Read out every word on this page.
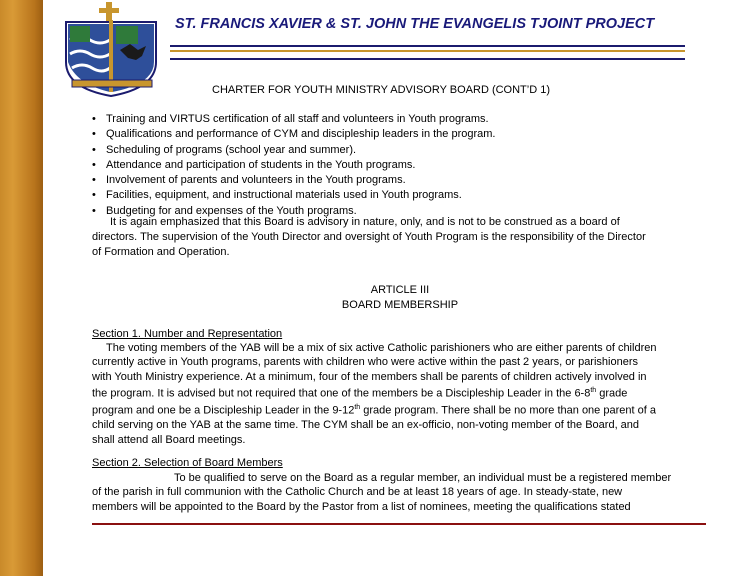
ST. FRANCIS XAVIER & ST. JOHN THE EVANGELIS TJOINT PROJECT
CHARTER FOR YOUTH MINISTRY ADVISORY BOARD (CONT’D 1)
• Training and VIRTUS certification of all staff and volunteers in Youth programs.
• Qualifications and performance of CYM and discipleship leaders in the program.
• Scheduling of programs (school year and summer).
• Attendance and participation of students in the Youth programs.
• Involvement of parents and volunteers in the Youth programs.
• Facilities, equipment, and instructional materials used in Youth programs.
• Budgeting for and expenses of the Youth programs.

It is again emphasized that this Board is advisory in nature, only, and is not to be construed as a board of
directors. The supervision of the Youth Director and oversight of Youth Program is the responsibility of the Director
of Formation and Operation.

ARTICLE III
BOARD MEMBERSHIP
Section 1. Number and Representation
The voting members of the YAB will be a mix of six active Catholic parishioners who are either parents of children
currently active in Youth programs, parents with children who were active within the past 2 years, or parishioners
with Youth Ministry experience. At a minimum, four of the members shall be parents of children actively involved in
the program. It is advised but not required that one of the members be a Discipleship Leader in the 6-8th grade
program and one be a Discipleship Leader in the 9-12th grade program. There shall be no more than one parent of a
child serving on the YAB at the same time. The CYM shall be an ex-officio, non-voting member of the Board, and
shall attend all Board meetings.
Section 2. Selection of Board Members
To be qualified to serve on the Board as a regular member, an individual must be a registered member
of the parish in full communion with the Catholic Church and be at least 18 years of age. In steady-state, new
members will be appointed to the Board by the Pastor from a list of nominees, meeting the qualifications stated
